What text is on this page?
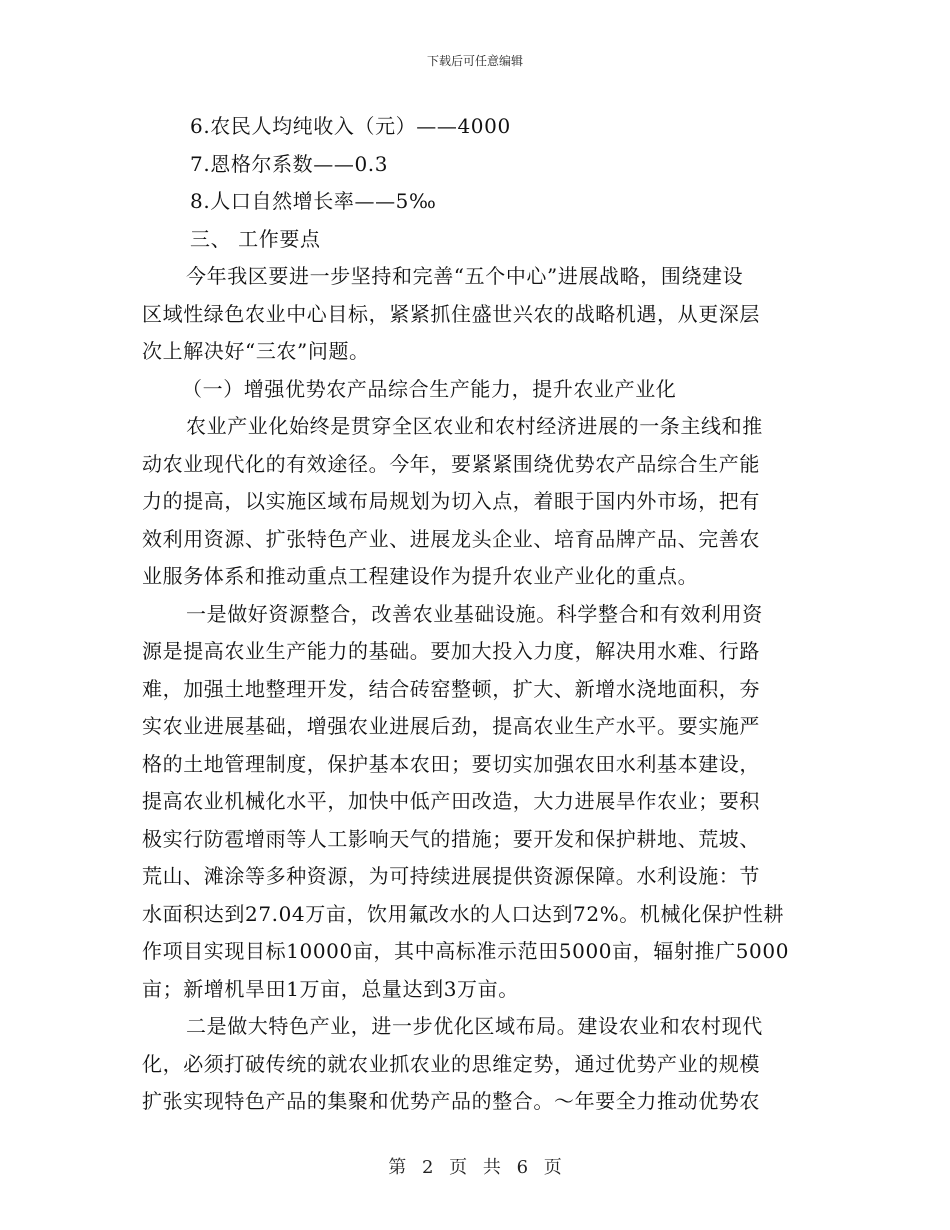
下载后可任意编辑
6.农民人均纯收入（元）——4000
7.恩格尔系数——0.3
8.人口自然增长率——5‰
三、 工作要点
今年我区要进一步坚持和完善“五个中心”进展战略，围绕建设
区域性绿色农业中心目标，紧紧抓住盛世兴农的战略机遇，从更深层
次上解决好“三农”问题。
（一）增强优势农产品综合生产能力，提升农业产业化
农业产业化始终是贯穿全区农业和农村经济进展的一条主线和推
动农业现代化的有效途径。今年，要紧紧围绕优势农产品综合生产能
力的提高，以实施区域布局规划为切入点，着眼于国内外市场，把有
效利用资源、扩张特色产业、进展龙头企业、培育品牌产品、完善农
业服务体系和推动重点工程建设作为提升农业产业化的重点。
一是做好资源整合，改善农业基础设施。科学整合和有效利用资
源是提高农业生产能力的基础。要加大投入力度，解决用水难、行路
难，加强土地整理开发，结合砖窑整顿，扩大、新增水浇地面积，夯
实农业进展基础，增强农业进展后劲，提高农业生产水平。要实施严
格的土地管理制度，保护基本农田；要切实加强农田水利基本建设，
提高农业机械化水平，加快中低产田改造，大力进展旱作农业；要积
极实行防雹增雨等人工影响天气的措施；要开发和保护耕地、荒坡、
荒山、滩涂等多种资源，为可持续进展提供资源保障。水利设施：节
水面积达到27.04万亩，饮用氟改水的人口达到72%。机械化保护性耕
作项目实现目标10000亩，其中高标准示范田5000亩，辐射推广5000
亩；新增机旱田1万亩，总量达到3万亩。
二是做大特色产业，进一步优化区域布局。建设农业和农村现代
化，必须打破传统的就农业抓农业的思维定势，通过优势产业的规模
扩张实现特色产品的集聚和优势产品的整合。～年要全力推动优势农
第 2 页 共 6 页
